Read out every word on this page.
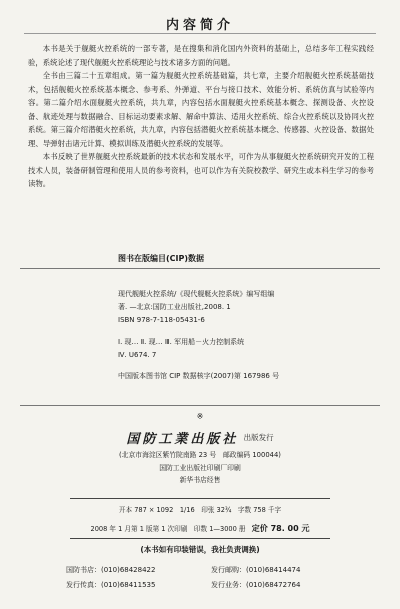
内容简介

本书是关于舰艇火控系统的一部专著，是在搜集和消化国内外资料的基础上，总结多年工程实践经验，系统论述了现代舰艇火控系统理论与技术诸多方面的问题。

全书由三篇二十五章组成。第一篇为舰艇火控系统基础篇，共七章，主要介绍舰艇火控系统基础技术，包括舰艇火控系统基本概念、参考系、外弹道、平台与接口技术、效能分析、系统仿真与试验等内容。第二篇介绍水面舰艇火控系统，共九章，内容包括水面舰艇火控系统基本概念、探测设备、火控设备、航迹处理与数据融合、目标运动要素求解、解命中算法、适用火控系统、综合火控系统以及协同火控系统。第三篇介绍潜艇火控系统，共九章，内容包括潜艇火控系统基本概念、传感器、火控设备、数据处理、导弹射击诸元计算、模拟训练及潜艇火控系统的发展等。

本书反映了世界舰艇火控系统最新的技术状态和发展水平，可作为从事舰艇火控系统研究开发的工程技术人员，装备研制管理和使用人员的参考资料，也可以作为有关院校教学、研究生或本科生学习的参考读物。

图书在版编目(CIP)数据
现代舰艇火控系统/《现代舰艇火控系统》编写组编
著. —北京:国防工业出版社,2008. 1
ISBN 978-7-118-05431-6
Ⅰ. 现… Ⅱ. 现… Ⅲ. 军用船－火力控制系统
Ⅳ. U674. 7
中国版本图书馆 CIP 数据核字(2007)第 167986 号
※
国防工業出版社 出版发行
(北京市海淀区紫竹院南路 23 号　邮政编码 100044)
国防工业出版社印刷厂印刷
新华书店经售
开本 787 × 1092　1/16　印张 32¾　字数 758 千字
2008 年 1 月第 1 版第 1 次印刷　印数 1—3000 册 定价 78. 00 元
(本书如有印装错误，我社负责调换)
国防书店：(010)68428422	发行邮购：(010)68414474
发行传真：(010)68411535	发行业务：(010)68472764
